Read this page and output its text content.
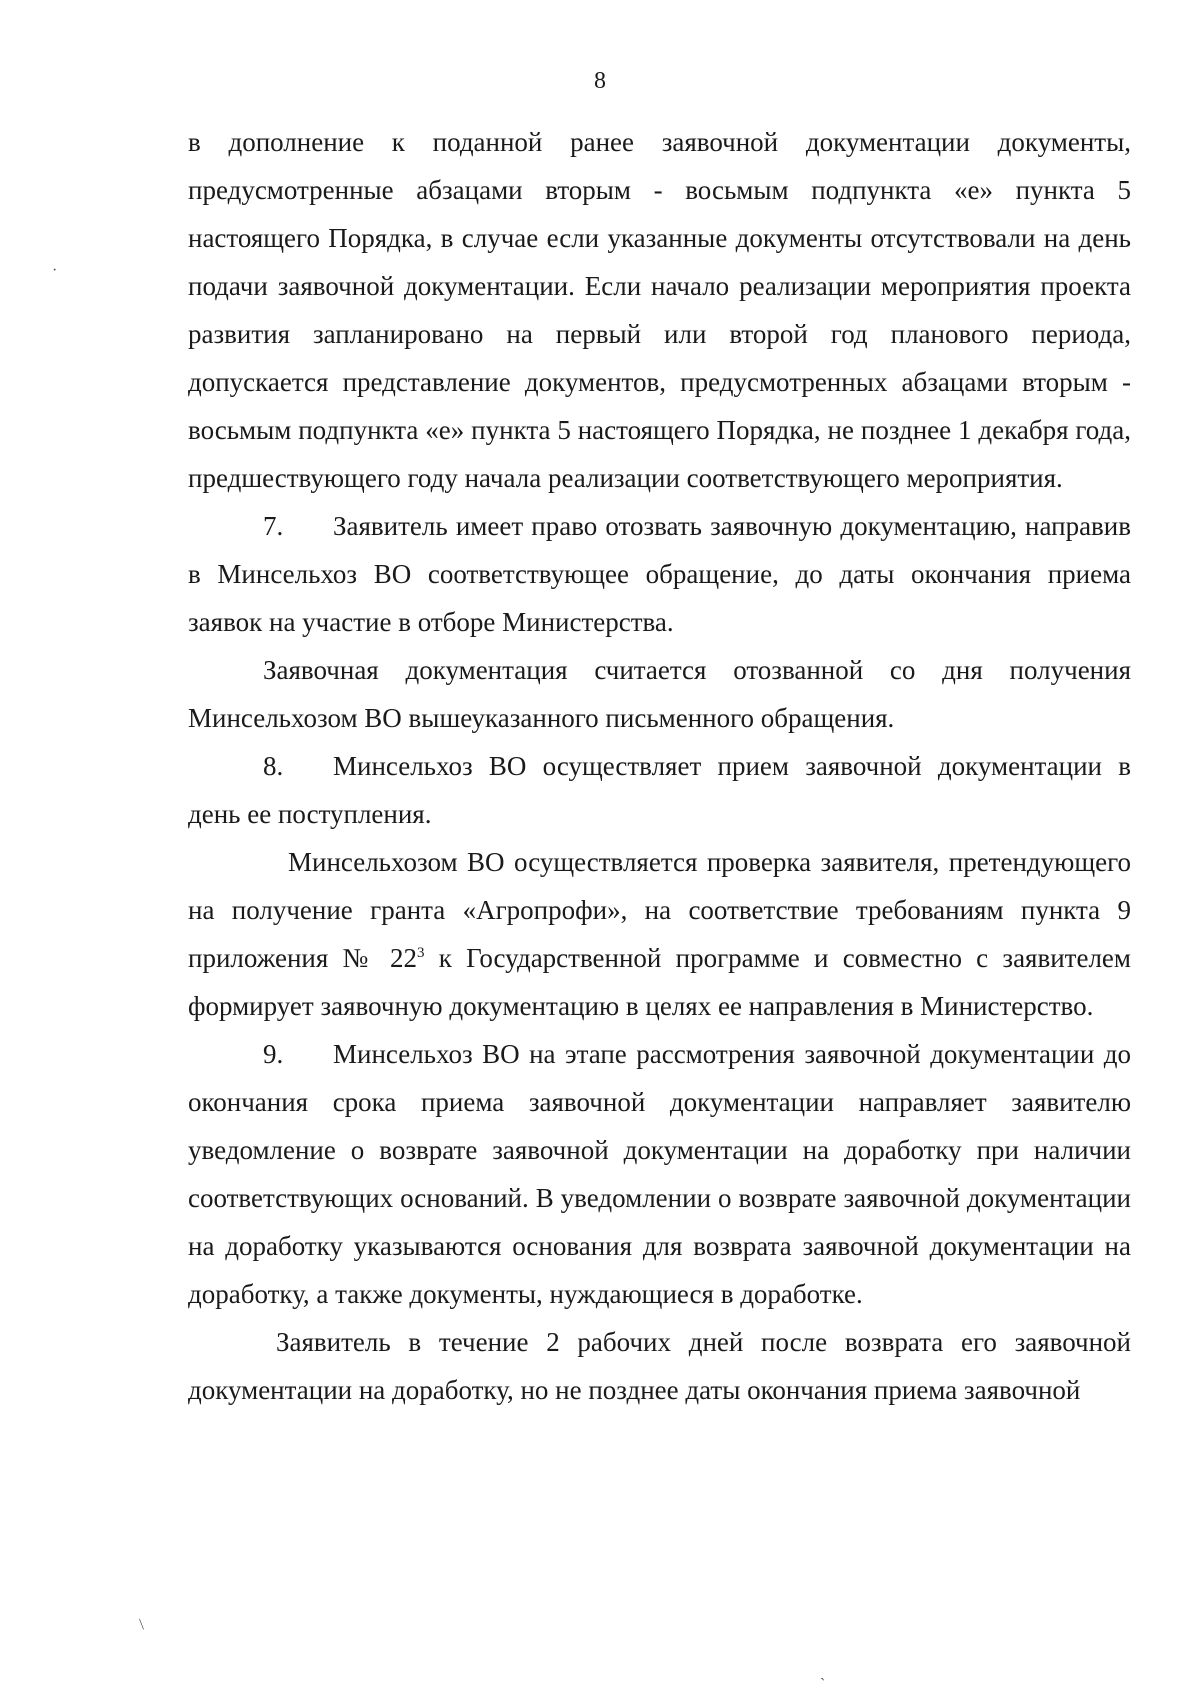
8

в дополнение к поданной ранее заявочной документации документы, предусмотренные абзацами вторым - восьмым подпункта «е» пункта 5 настоящего Порядка, в случае если указанные документы отсутствовали на день подачи заявочной документации. Если начало реализации мероприятия проекта развития запланировано на первый или второй год планового периода, допускается представление документов, предусмотренных абзацами вторым - восьмым подпункта «е» пункта 5 настоящего Порядка, не позднее 1 декабря года, предшествующего году начала реализации соответствующего мероприятия.

7. Заявитель имеет право отозвать заявочную документацию, направив в Минсельхоз ВО соответствующее обращение, до даты окончания приема заявок на участие в отборе Министерства.

Заявочная документация считается отозванной со дня получения Минсельхозом ВО вышеуказанного письменного обращения.

8. Минсельхоз ВО осуществляет прием заявочной документации в день ее поступления.

Минсельхозом ВО осуществляется проверка заявителя, претендующего на получение гранта «Агропрофи», на соответствие требованиям пункта 9 приложения № $22^3$ к Государственной программе и совместно с заявителем формирует заявочную документацию в целях ее направления в Министерство.

9. Минсельхоз ВО на этапе рассмотрения заявочной документации до окончания срока приема заявочной документации направляет заявителю уведомление о возврате заявочной документации на доработку при наличии соответствующих оснований. В уведомлении о возврате заявочной документации на доработку указываются основания для возврата заявочной документации на доработку, а также документы, нуждающиеся в доработке.

Заявитель в течение 2 рабочих дней после возврата его заявочной документации на доработку, но не позднее даты окончания приема заявочной

·
/
ˋ
